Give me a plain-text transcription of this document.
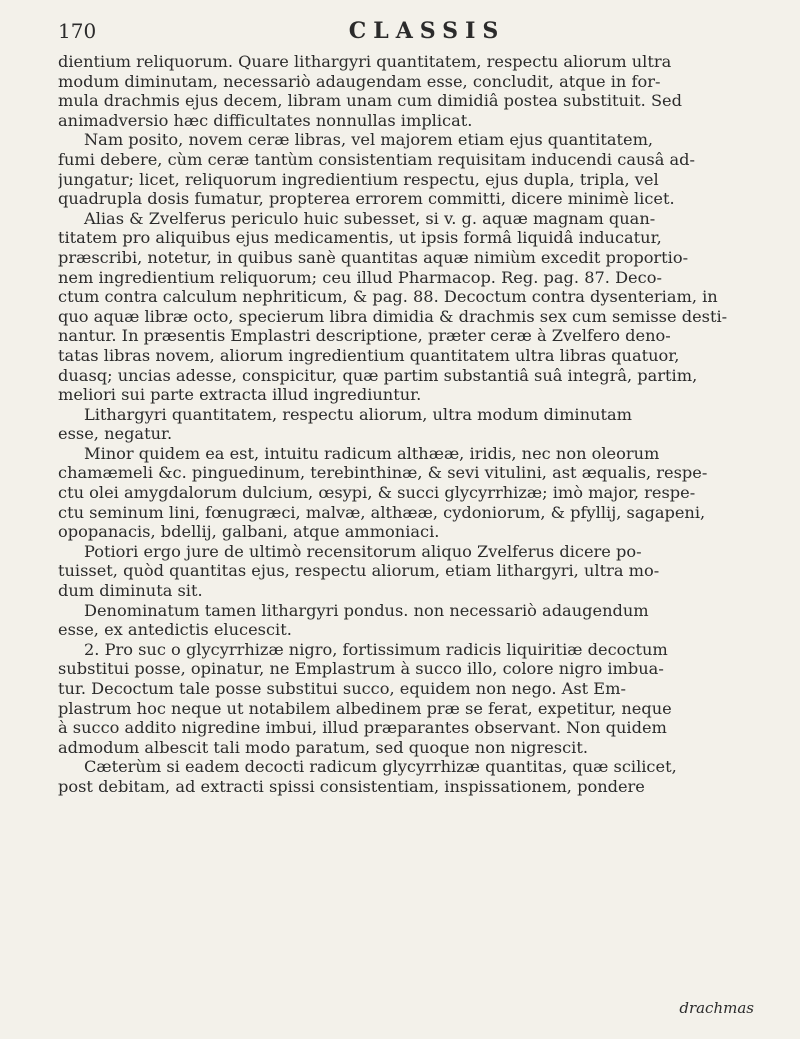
170	CLASSIS
dientium reliquorum. Quare lithargyri quantitatem, respectu aliorum ultra
modum diminutam, necessariò adaugendam esse, concludit, atque in for-
mula drachmis ejus decem, libram unam cum dimidiâ postea substituit. Sed
animadversio hæc difficultates nonnullas implicat.
Nam posito, novem ceræ libras, vel majorem etiam ejus quantitatem,
fumi debere, cùm ceræ tantùm consistentiam requisitam inducendi causâ ad-
jungatur; licet, reliquorum ingredientium respectu, ejus dupla, tripla, vel
quadrupla dosis fumatur, propterea errorem committi, dicere minimè licet.
Alias & Zvelferus periculo huic subesset, si v. g. aquæ magnam quan-
titatem pro aliquibus ejus medicamentis, ut ipsis formâ liquidâ inducatur,
præscribi, notetur, in quibus sanè quantitas aquæ nimiùm excedit proportio-
nem ingredientium reliquorum; ceu illud Pharmacop. Reg. pag. 87. Deco-
ctum contra calculum nephriticum, & pag. 88. Decoctum contra dysenteriam, in
quo aquæ libræ octo, specierum libra dimidia & drachmis sex cum semisse desti-
nantur. In præsentis Emplastri descriptione, præter ceræ à Zvelfero deno-
tatas libras novem, aliorum ingredientium quantitatem ultra libras quatuor,
duasq; uncias adesse, conspicitur, quæ partim substantiâ suâ integrâ, partim,
meliori sui parte extracta illud ingrediuntur.
Lithargyri quantitatem, respectu aliorum, ultra modum diminutam
esse, negatur.
Minor quidem ea est, intuitu radicum althææ, iridis, nec non oleorum
chamæmeli &c. pinguedinum, terebinthinæ, & sevi vitulini, ast æqualis, respe-
ctu olei amygdalorum dulcium, œsypi, & succi glycyrrhizæ; imò major, respe-
ctu seminum lini, fœnugræci, malvæ, althææ, cydoniorum, & pfyllij, sagapeni,
opopanacis, bdellij, galbani, atque ammoniaci.
Potiori ergo jure de ultimò recensitorum aliquo Zvelferus dicere po-
tuisset, quòd quantitas ejus, respectu aliorum, etiam lithargyri, ultra mo-
dum diminuta sit.
Denominatum tamen lithargyri pondus. non necessariò adaugendum
esse, ex antedictis elucescit.
2. Pro suc o glycyrrhizæ nigro, fortissimum radicis liquiritiæ decoctum
substitui posse, opinatur, ne Emplastrum à succo illo, colore nigro imbua-
tur. Decoctum tale posse substitui succo, equidem non nego. Ast Em-
plastrum hoc neque ut notabilem albedinem præ se ferat, expetitur, neque
à succo addito nigredine imbui, illud præparantes observant. Non quidem
admodum albescit tali modo paratum, sed quoque non nigrescit.
Cæterùm si eadem decocti radicum glycyrrhizæ quantitas, quæ scilicet,
post debitam, ad extracti spissi consistentiam, inspissationem, pondere
drachmas
